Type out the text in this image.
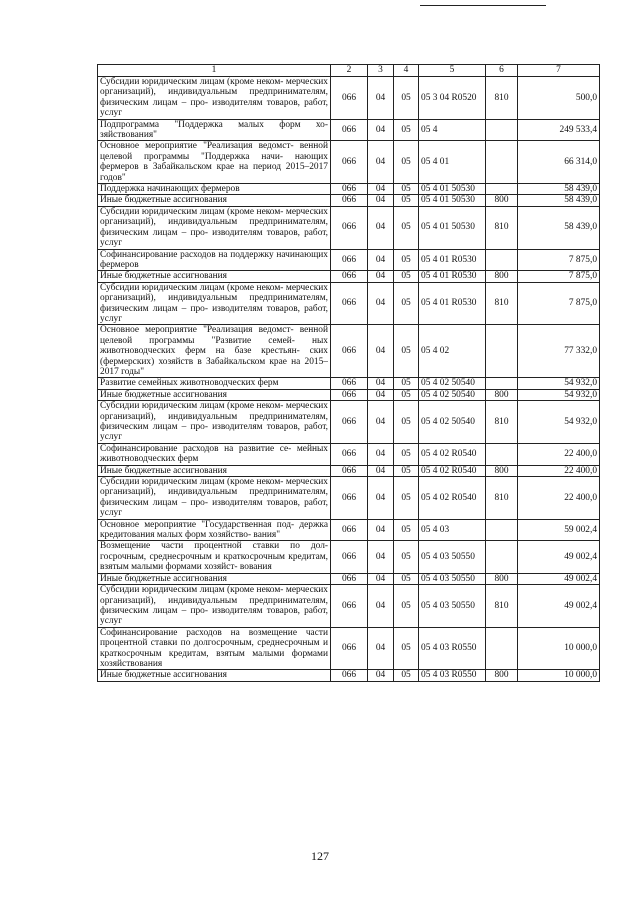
1	2	3	4	5	6	7
Субсидии юридическим лицам (кроме неком- мерческих организаций), индивидуальным предпринимателям, физическим лицам – про- изводителям товаров, работ, услуг	066	04	05	05 3 04 R0520	810	500,0
Подпрограмма "Поддержка малых форм хо- зяйствования"	066	04	05	05 4		249 533,4
Основное мероприятие "Реализация ведомст- венной целевой программы "Поддержка начи- нающих фермеров в Забайкальском крае на период 2015–2017 годов"	066	04	05	05 4 01		66 314,0
Поддержка начинающих фермеров	066	04	05	05 4 01 50530		58 439,0
Иные бюджетные ассигнования	066	04	05	05 4 01 50530	800	58 439,0
Субсидии юридическим лицам (кроме неком- мерческих организаций), индивидуальным предпринимателям, физическим лицам – про- изводителям товаров, работ, услуг	066	04	05	05 4 01 50530	810	58 439,0
Софинансирование расходов на поддержку начинающих фермеров	066	04	05	05 4 01 R0530		7 875,0
Иные бюджетные ассигнования	066	04	05	05 4 01 R0530	800	7 875,0
Субсидии юридическим лицам (кроме неком- мерческих организаций), индивидуальным предпринимателям, физическим лицам – про- изводителям товаров, работ, услуг	066	04	05	05 4 01 R0530	810	7 875,0
Основное мероприятие "Реализация ведомст- венной целевой программы "Развитие семей- ных животноводческих ферм на базе крестьян- ских (фермерских) хозяйств в Забайкальском крае на 2015–2017 годы"	066	04	05	05 4 02		77 332,0
Развитие семейных животноводческих ферм	066	04	05	05 4 02 50540		54 932,0
Иные бюджетные ассигнования	066	04	05	05 4 02 50540	800	54 932,0
Субсидии юридическим лицам (кроме неком- мерческих организаций), индивидуальным предпринимателям, физическим лицам – про- изводителям товаров, работ, услуг	066	04	05	05 4 02 50540	810	54 932,0
Софинансирование расходов на развитие се- мейных животноводческих ферм	066	04	05	05 4 02 R0540		22 400,0
Иные бюджетные ассигнования	066	04	05	05 4 02 R0540	800	22 400,0
Субсидии юридическим лицам (кроме неком- мерческих организаций), индивидуальным предпринимателям, физическим лицам – про- изводителям товаров, работ, услуг	066	04	05	05 4 02 R0540	810	22 400,0
Основное мероприятие "Государственная под- держка кредитования малых форм хозяйство- вания"	066	04	05	05 4 03		59 002,4
Возмещение части процентной ставки по дол- госрочным, среднесрочным и краткосрочным кредитам, взятым малыми формами хозяйст- вования	066	04	05	05 4 03 50550		49 002,4
Иные бюджетные ассигнования	066	04	05	05 4 03 50550	800	49 002,4
Субсидии юридическим лицам (кроме неком- мерческих организаций), индивидуальным предпринимателям, физическим лицам – про- изводителям товаров, работ, услуг	066	04	05	05 4 03 50550	810	49 002,4
Софинансирование расходов на возмещение части процентной ставки по долгосрочным, среднесрочным и краткосрочным кредитам, взятым малыми формами хозяйствования	066	04	05	05 4 03 R0550		10 000,0
Иные бюджетные ассигнования	066	04	05	05 4 03 R0550	800	10 000,0
127
